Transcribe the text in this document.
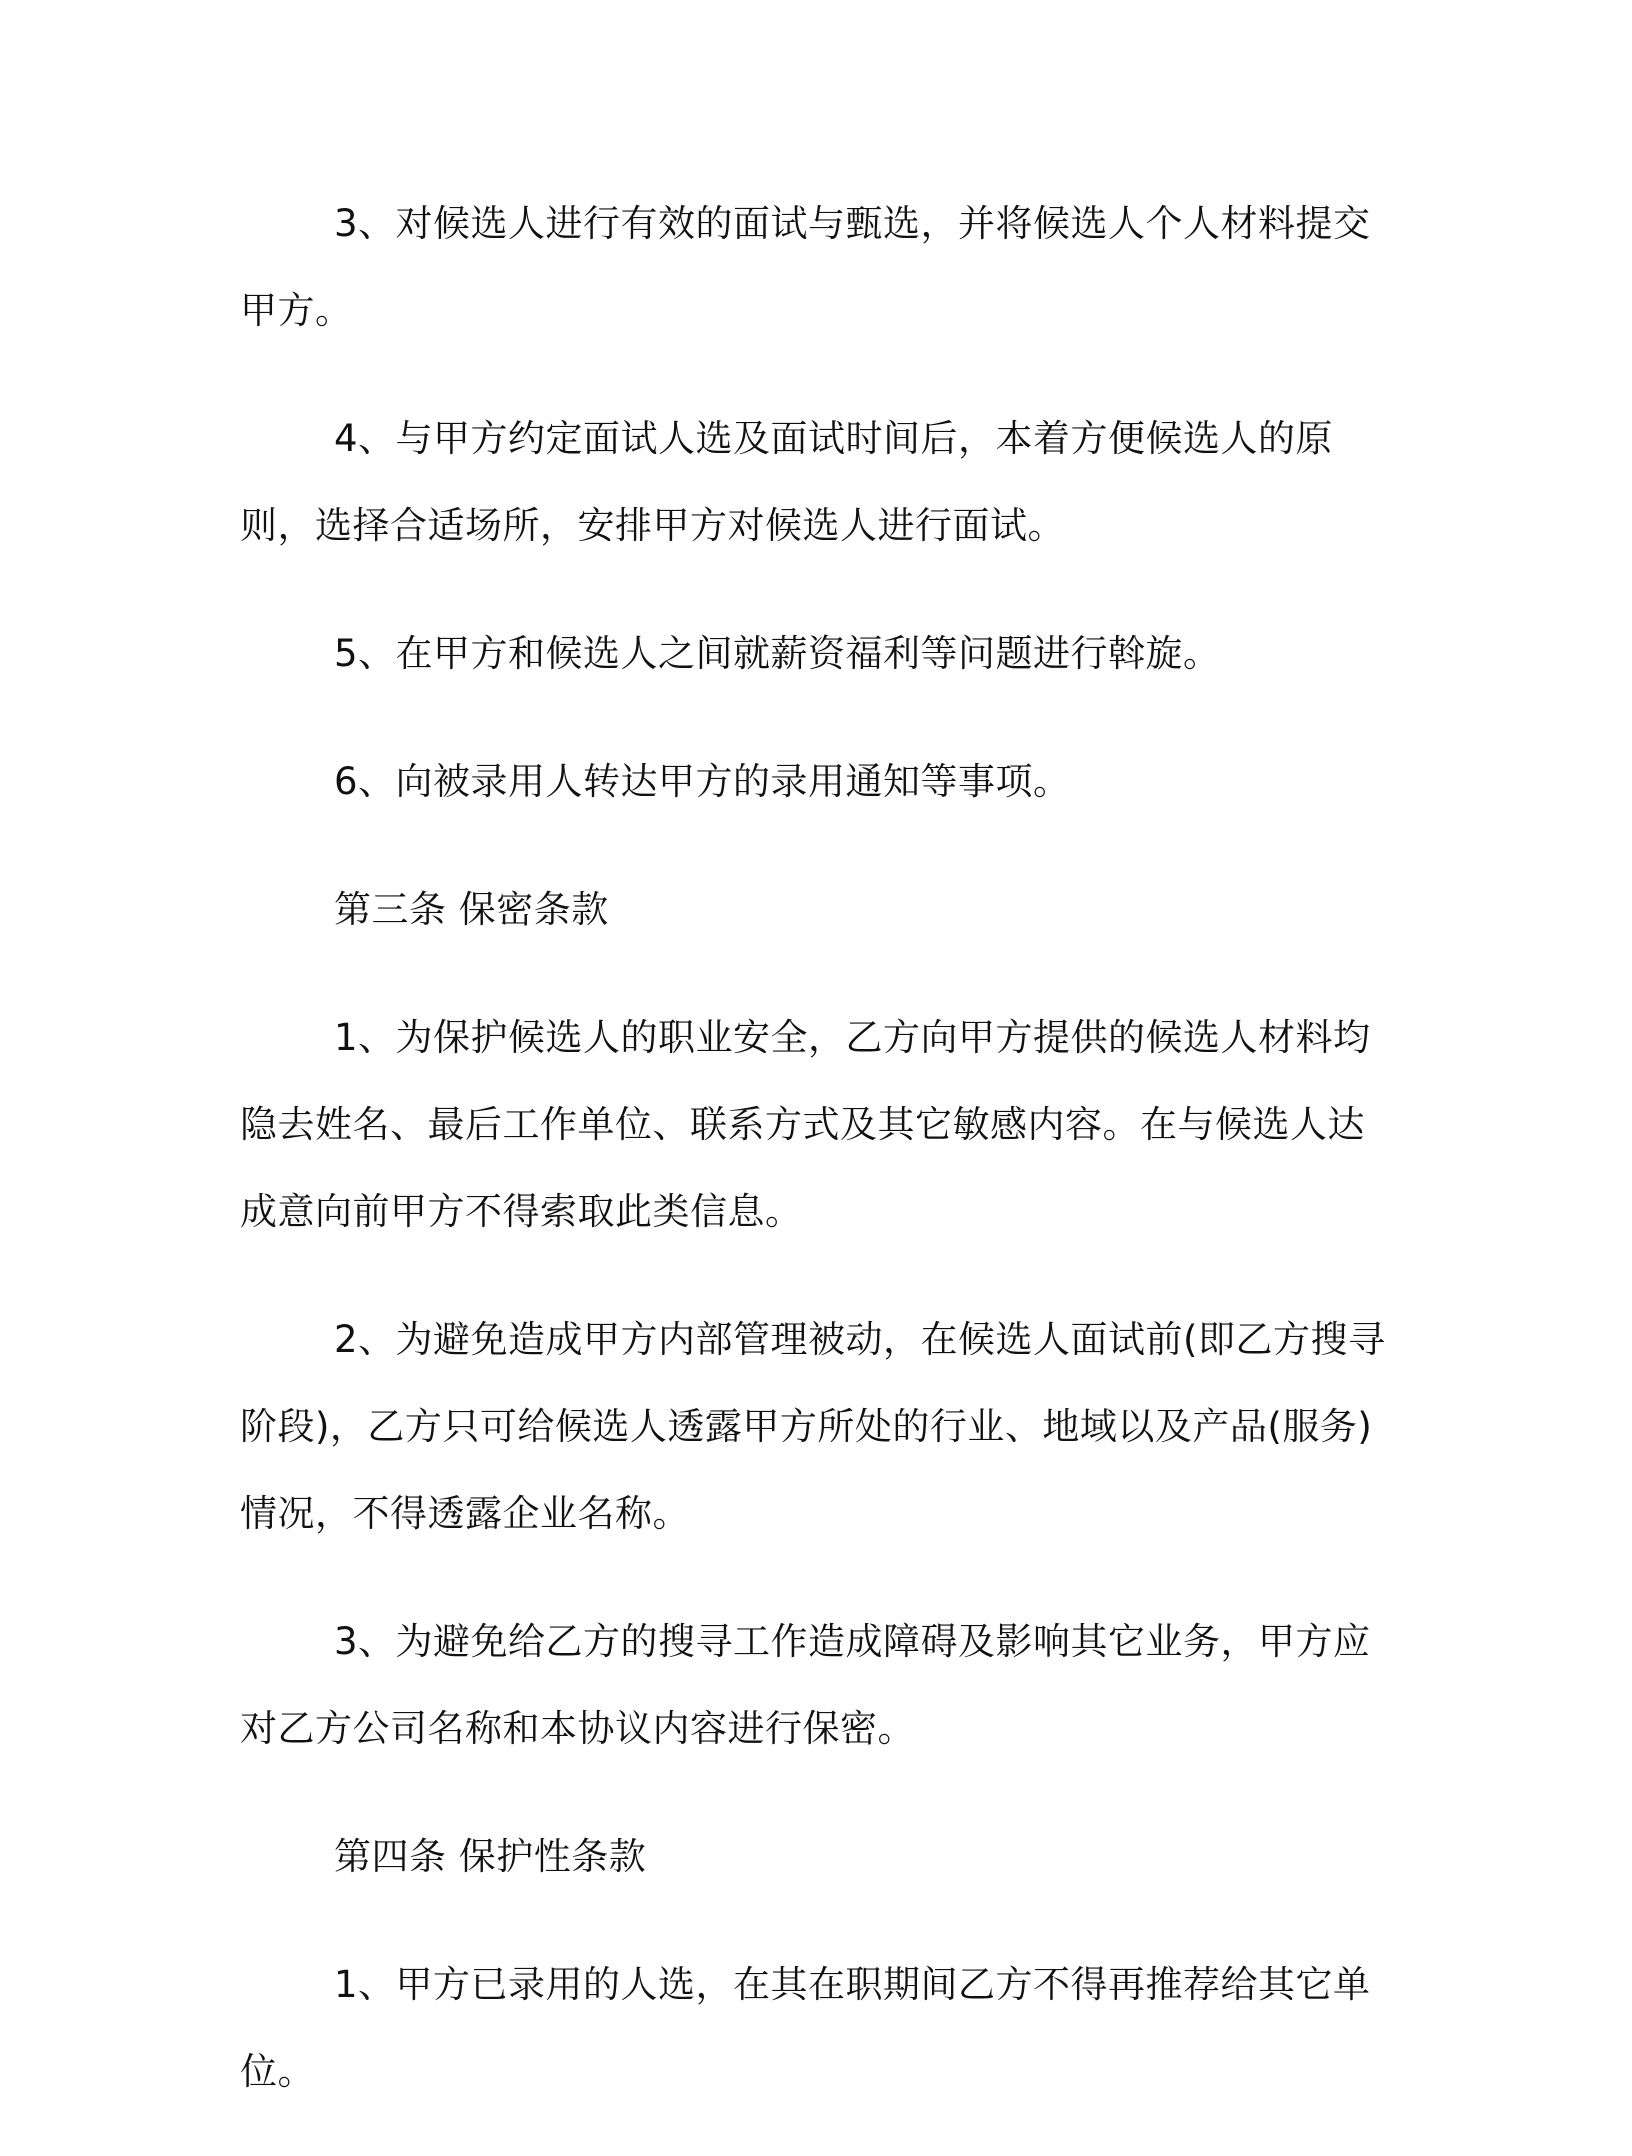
3、对候选人进行有效的面试与甄选，并将候选人个人材料提交甲方。

4、与甲方约定面试人选及面试时间后，本着方便候选人的原则，选择合适场所，安排甲方对候选人进行面试。

5、在甲方和候选人之间就薪资福利等问题进行斡旋。

6、向被录用人转达甲方的录用通知等事项。

第三条 保密条款

1、为保护候选人的职业安全，乙方向甲方提供的候选人材料均隐去姓名、最后工作单位、联系方式及其它敏感内容。在与候选人达成意向前甲方不得索取此类信息。

2、为避免造成甲方内部管理被动，在候选人面试前(即乙方搜寻阶段)，乙方只可给候选人透露甲方所处的行业、地域以及产品(服务)情况，不得透露企业名称。

3、为避免给乙方的搜寻工作造成障碍及影响其它业务，甲方应对乙方公司名称和本协议内容进行保密。

第四条 保护性条款

1、甲方已录用的人选，在其在职期间乙方不得再推荐给其它单位。
